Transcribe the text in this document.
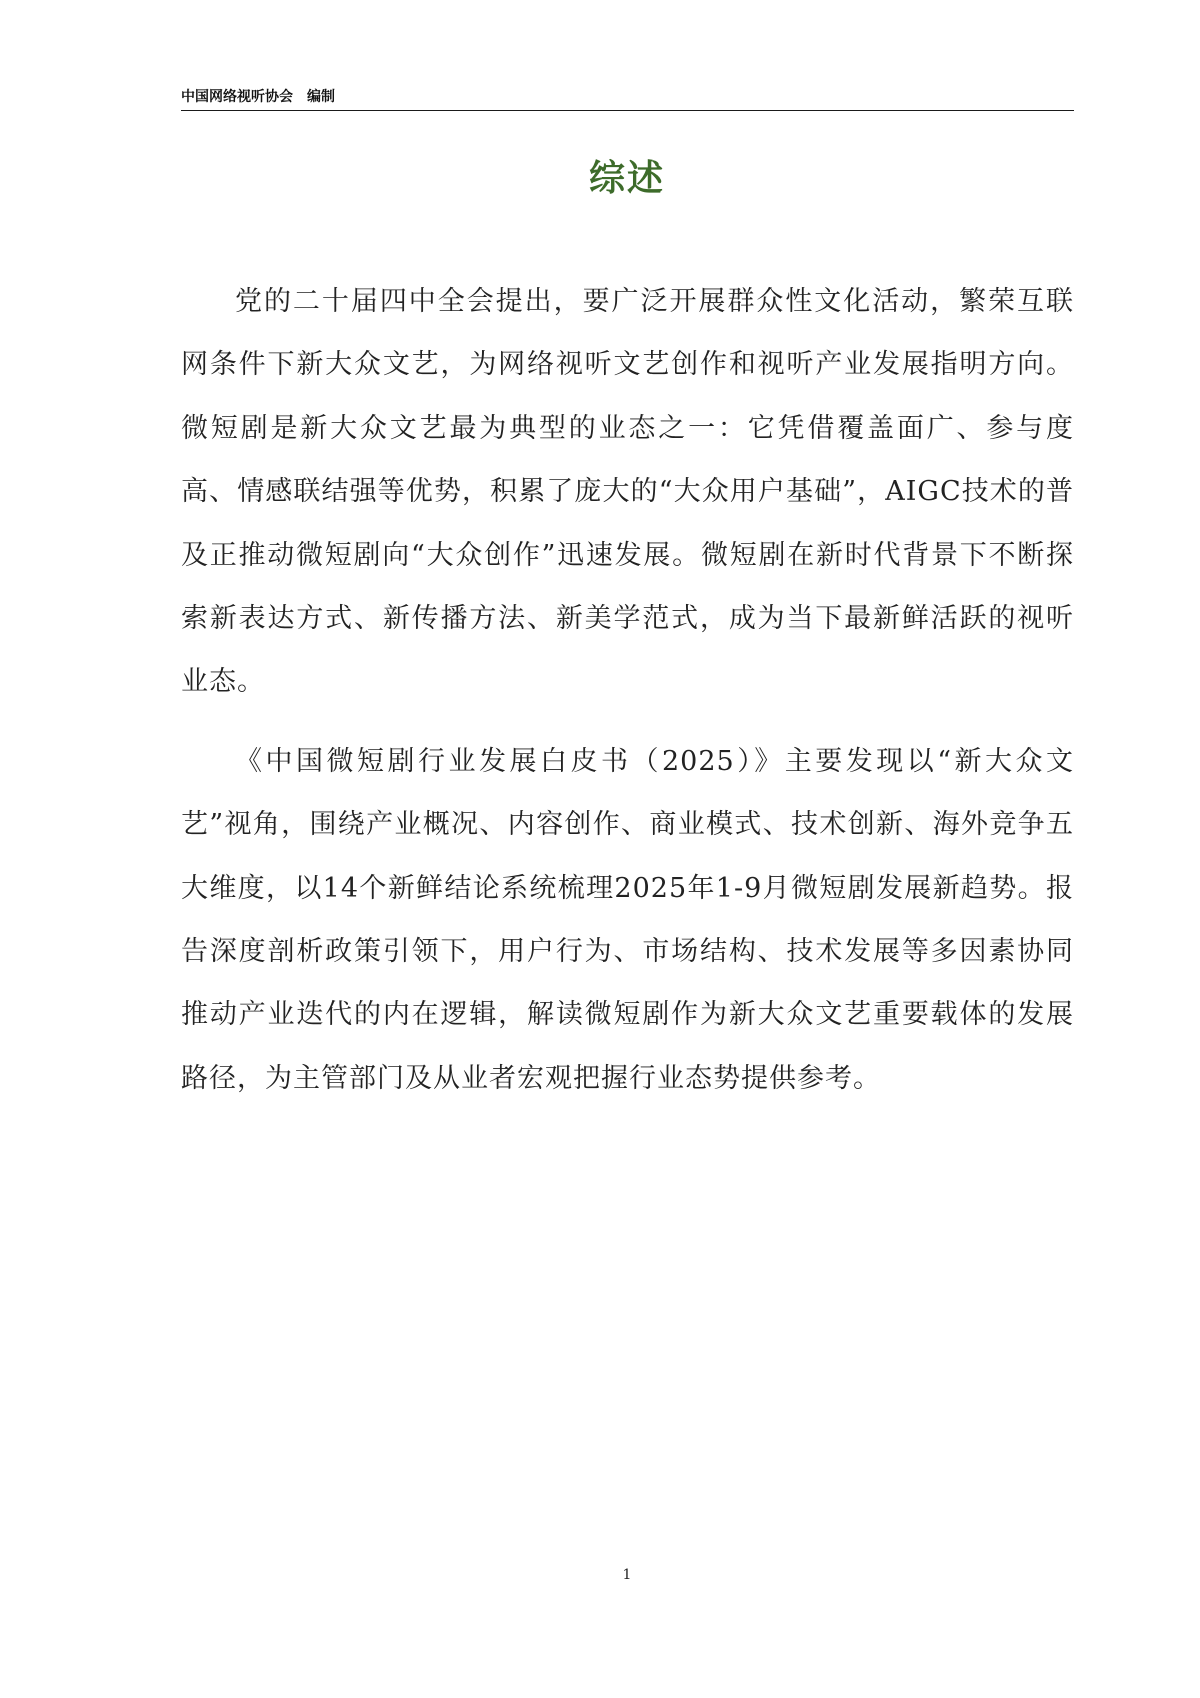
中国网络视听协会　编制
综述

党的二十届四中全会提出，要广泛开展群众性文化活动，繁荣互联网条件下新大众文艺，为网络视听文艺创作和视听产业发展指明方向。微短剧是新大众文艺最为典型的业态之一：它凭借覆盖面广、参与度高、情感联结强等优势，积累了庞大的“大众用户基础”，AIGC技术的普及正推动微短剧向“大众创作”迅速发展。微短剧在新时代背景下不断探索新表达方式、新传播方法、新美学范式，成为当下最新鲜活跃的视听业态。

《中国微短剧行业发展白皮书（2025）》主要发现以“新大众文艺”视角，围绕产业概况、内容创作、商业模式、技术创新、海外竞争五大维度，以14个新鲜结论系统梳理2025年1-9月微短剧发展新趋势。报告深度剖析政策引领下，用户行为、市场结构、技术发展等多因素协同推动产业迭代的内在逻辑，解读微短剧作为新大众文艺重要载体的发展路径，为主管部门及从业者宏观把握行业态势提供参考。

1
